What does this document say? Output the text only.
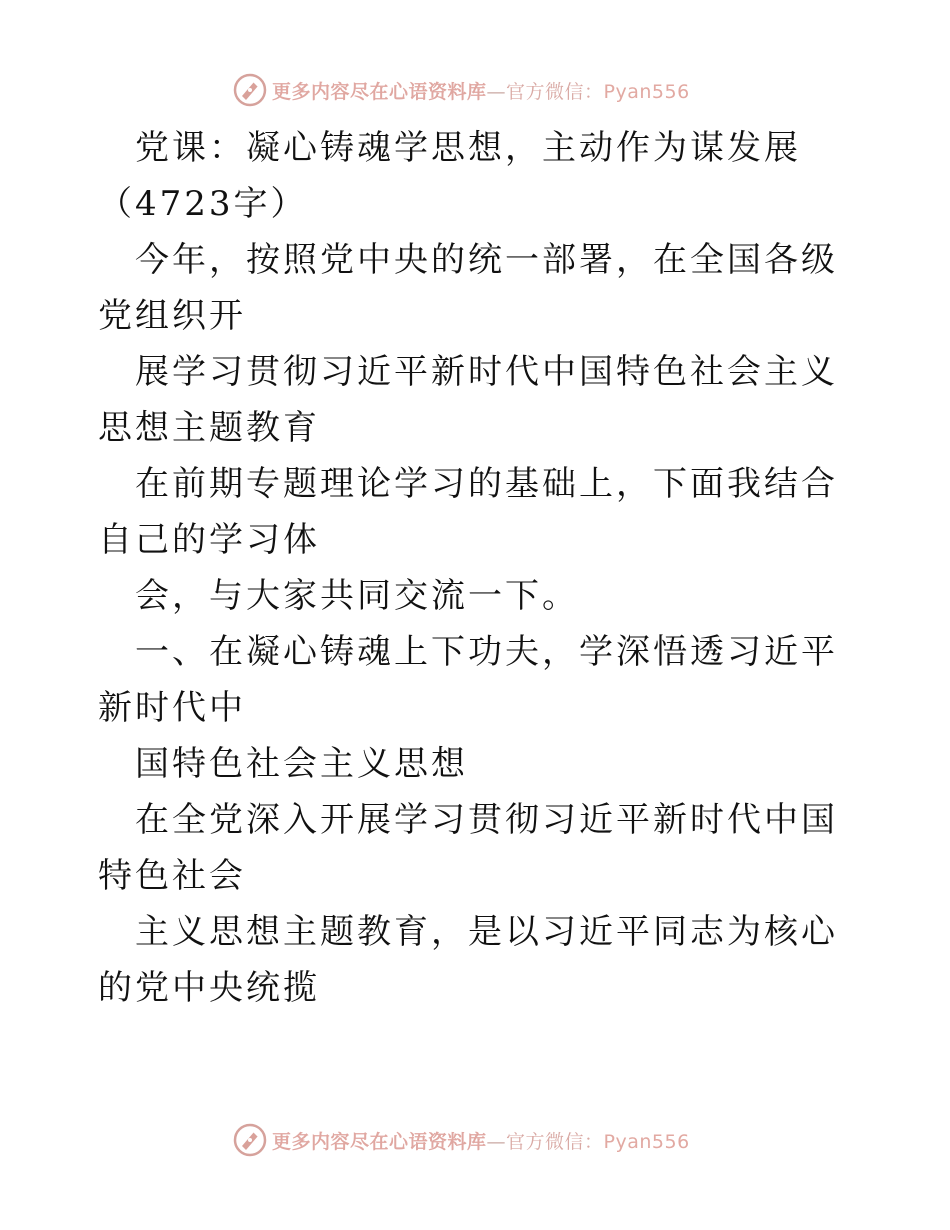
更多内容尽在心语资料库—官方微信：Pyan556

党课：凝心铸魂学思想，主动作为谋发展（4723字）

今年，按照党中央的统一部署，在全国各级党组织开

展学习贯彻习近平新时代中国特色社会主义思想主题教育

在前期专题理论学习的基础上，下面我结合自己的学习体

会，与大家共同交流一下。

一、在凝心铸魂上下功夫，学深悟透习近平新时代中

国特色社会主义思想

在全党深入开展学习贯彻习近平新时代中国特色社会

主义思想主题教育，是以习近平同志为核心的党中央统揽

更多内容尽在心语资料库—官方微信：Pyan556
